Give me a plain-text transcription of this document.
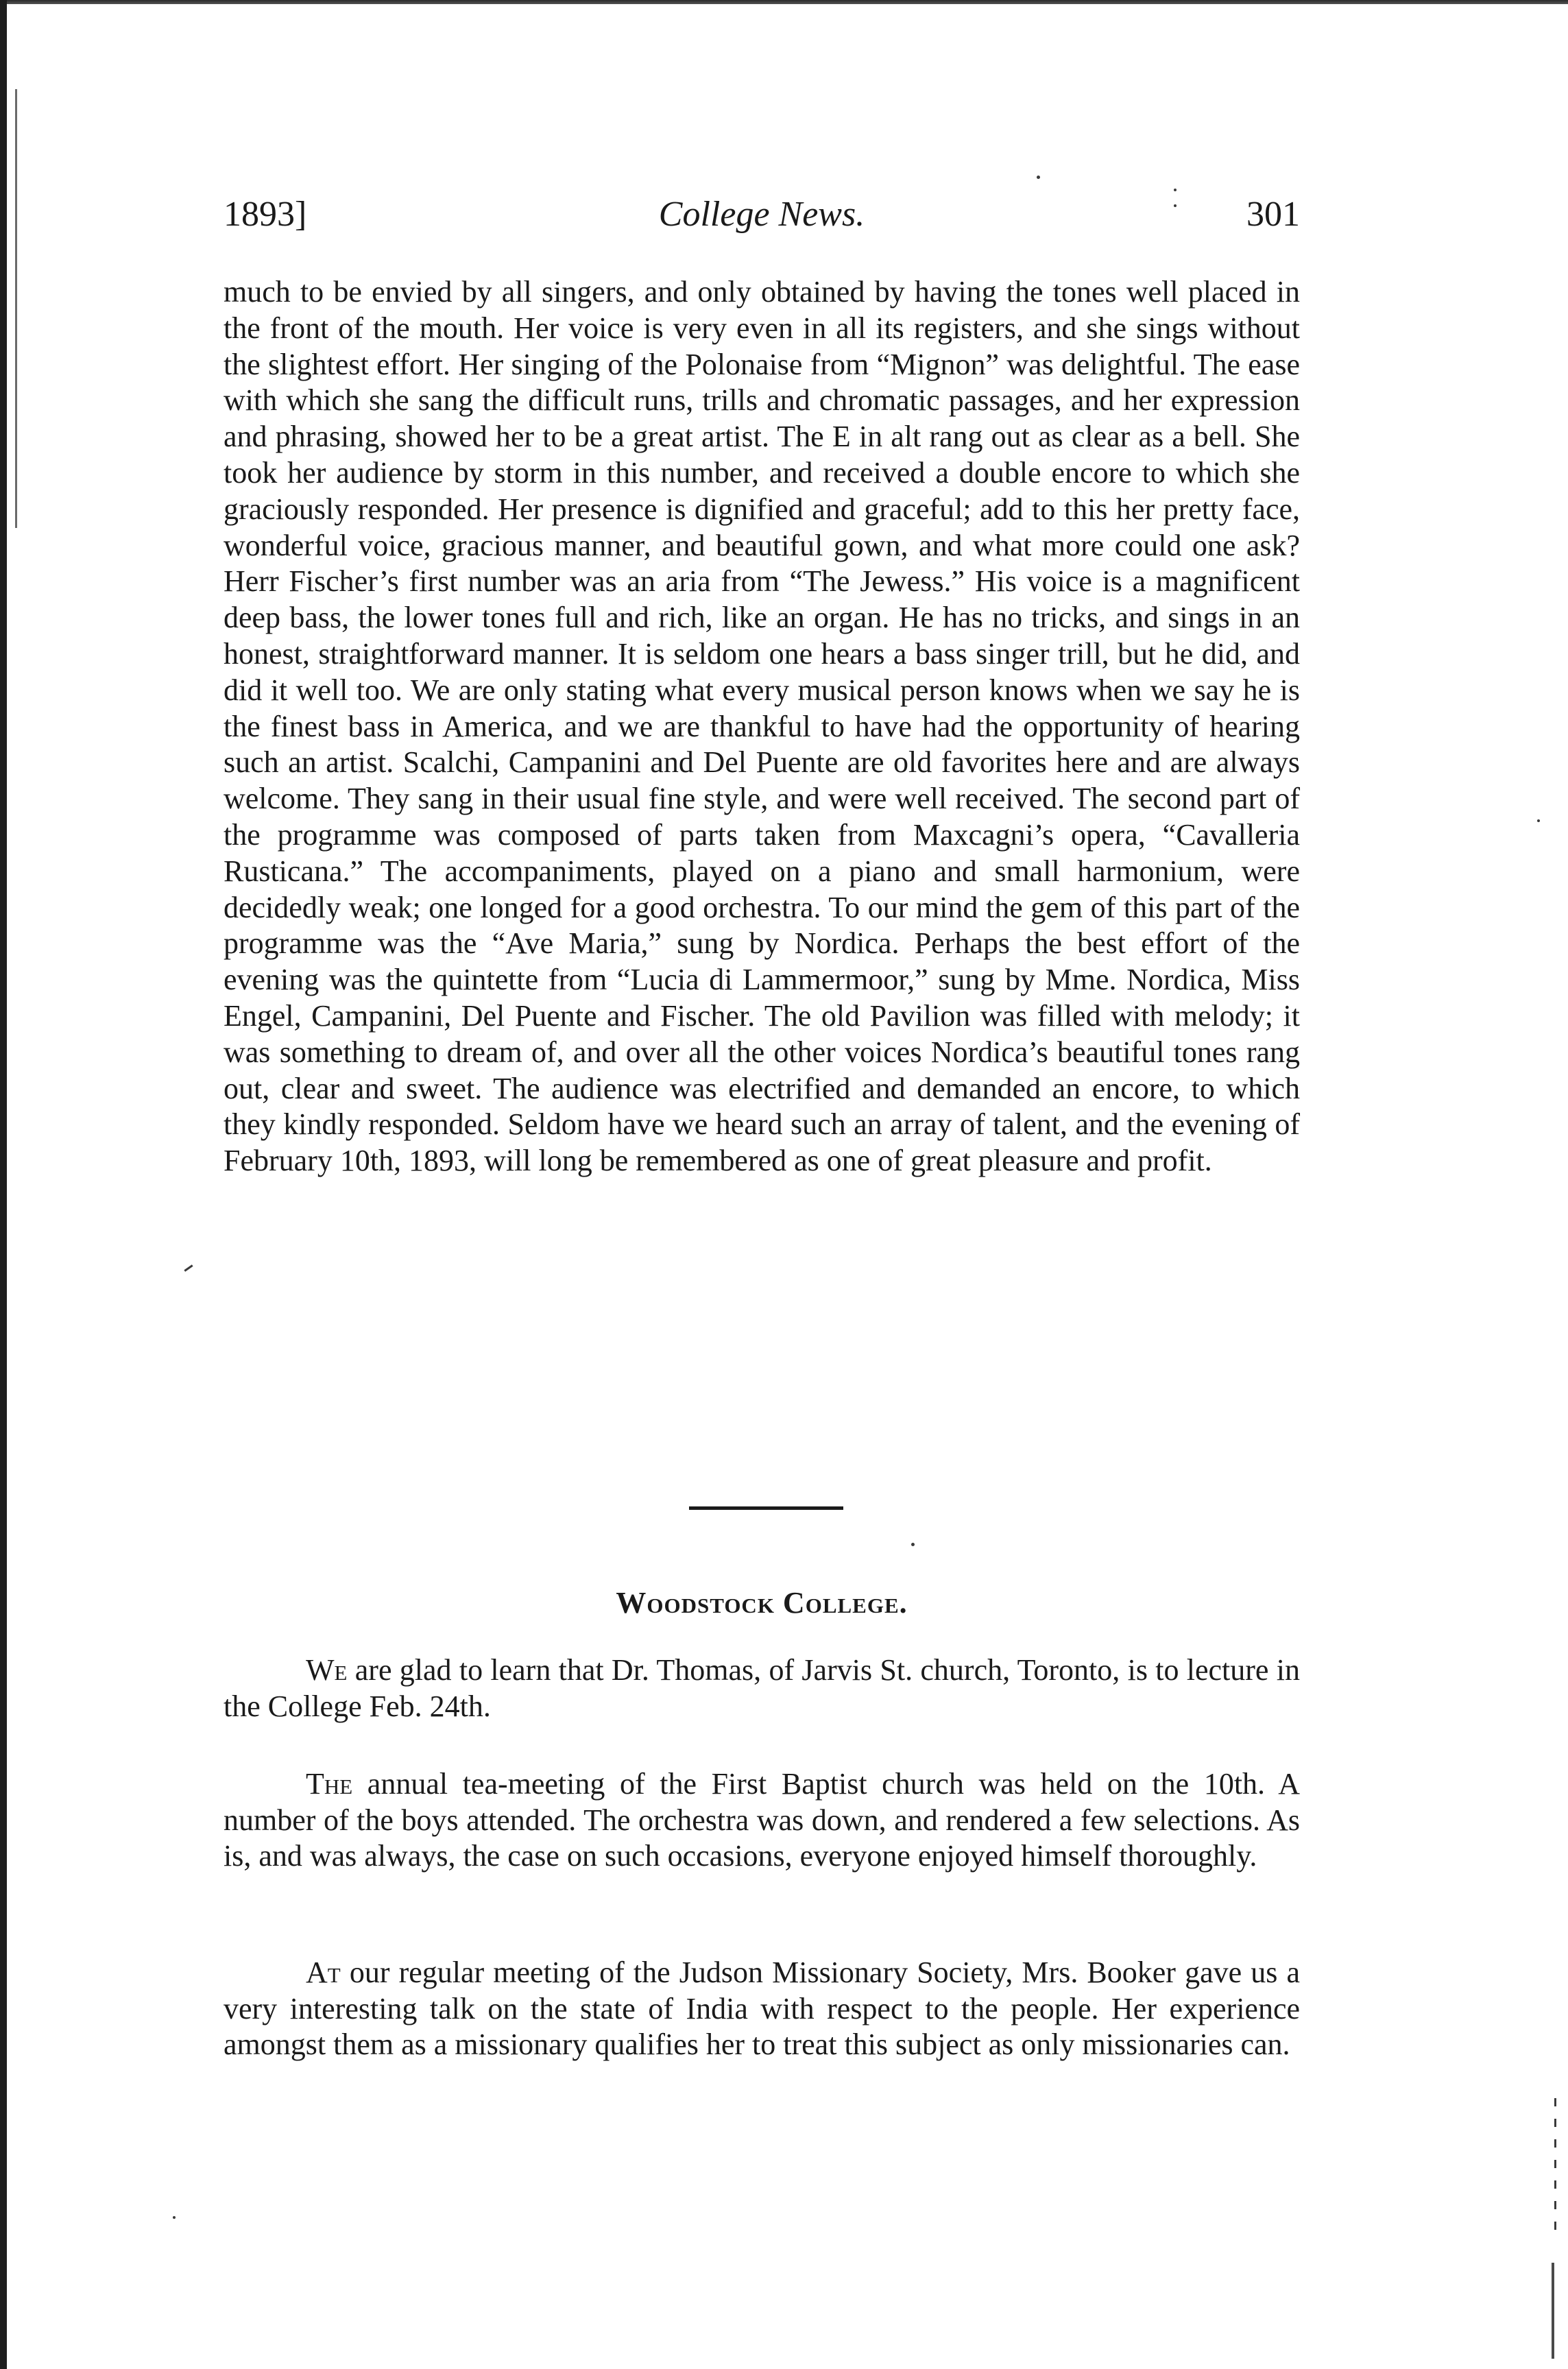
1893]	College News.	301

much to be envied by all singers, and only obtained by having the tones well placed in the front of the mouth. Her voice is very even in all its registers, and she sings without the slightest effort. Her singing of the Polonaise from “Mignon” was delightful. The ease with which she sang the difficult runs, trills and chromatic passages, and her expression and phrasing, showed her to be a great artist. The E in alt rang out as clear as a bell. She took her audience by storm in this number, and received a double encore to which she graciously responded. Her presence is dignified and graceful; add to this her pretty face, wonderful voice, gracious manner, and beautiful gown, and what more could one ask? Herr Fischer’s first number was an aria from “The Jewess.” His voice is a magnificent deep bass, the lower tones full and rich, like an organ. He has no tricks, and sings in an honest, straightforward manner. It is seldom one hears a bass singer trill, but he did, and did it well too. We are only stating what every musical person knows when we say he is the finest bass in America, and we are thankful to have had the opportunity of hearing such an artist. Scalchi, Campanini and Del Puente are old favorites here and are always welcome. They sang in their usual fine style, and were well received. The second part of the programme was composed of parts taken from Maxcagni’s opera, “Cavalleria Rusticana.” The accompaniments, played on a piano and small harmonium, were decidedly weak; one longed for a good orchestra. To our mind the gem of this part of the programme was the “Ave Maria,” sung by Nordica. Perhaps the best effort of the evening was the quintette from “Lucia di Lammermoor,” sung by Mme. Nordica, Miss Engel, Campanini, Del Puente and Fischer. The old Pavilion was filled with melody; it was something to dream of, and over all the other voices Nordica’s beautiful tones rang out, clear and sweet. The audience was electrified and demanded an encore, to which they kindly responded. Seldom have we heard such an array of talent, and the evening of February 10th, 1893, will long be remembered as one of great pleasure and profit.

Woodstock College.

We are glad to learn that Dr. Thomas, of Jarvis St. church, Toronto, is to lecture in the College Feb. 24th.

The annual tea-meeting of the First Baptist church was held on the 10th. A number of the boys attended. The orchestra was down, and rendered a few selections. As is, and was always, the case on such occasions, everyone enjoyed himself thoroughly.

At our regular meeting of the Judson Missionary Society, Mrs. Booker gave us a very interesting talk on the state of India with respect to the people. Her experience amongst them as a missionary qualifies her to treat this subject as only missionaries can.
